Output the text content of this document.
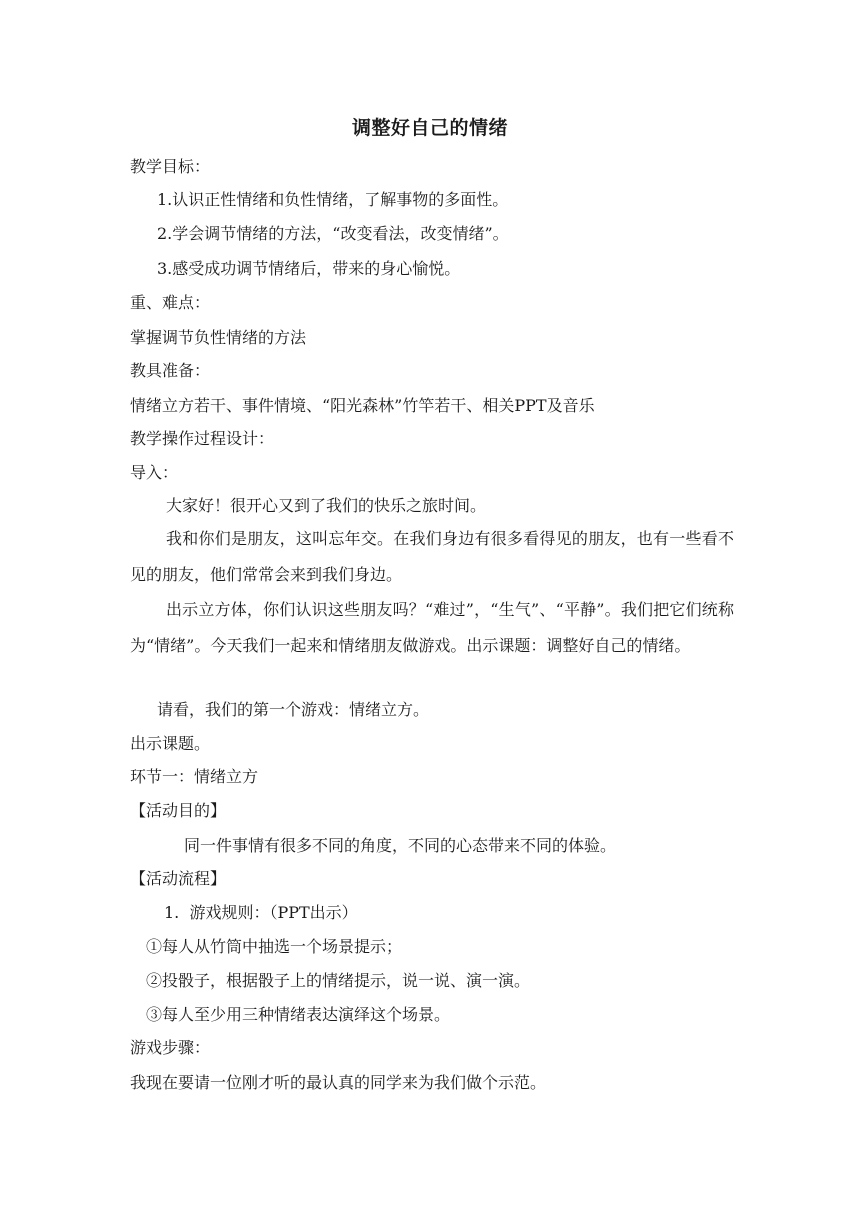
调整好自己的情绪
教学目标：
1.认识正性情绪和负性情绪，了解事物的多面性。
2.学会调节情绪的方法，“改变看法，改变情绪”。
3.感受成功调节情绪后，带来的身心愉悦。
重、难点：
掌握调节负性情绪的方法
教具准备：
情绪立方若干、事件情境、“阳光森林”竹竿若干、相关PPT及音乐
教学操作过程设计：
导入：
大家好！很开心又到了我们的快乐之旅时间。
我和你们是朋友，这叫忘年交。在我们身边有很多看得见的朋友，也有一些看不见的朋友，他们常常会来到我们身边。
出示立方体，你们认识这些朋友吗？“难过”，“生气”、“平静”。我们把它们统称为“情绪”。今天我们一起来和情绪朋友做游戏。出示课题：调整好自己的情绪。
请看，我们的第一个游戏：情绪立方。
出示课题。
环节一：情绪立方
【活动目的】
同一件事情有很多不同的角度，不同的心态带来不同的体验。
【活动流程】
1.  游戏规则：（PPT出示）
①每人从竹筒中抽选一个场景提示；
②投骰子，根据骰子上的情绪提示，说一说、演一演。
③每人至少用三种情绪表达演绎这个场景。
游戏步骤：
我现在要请一位刚才听的最认真的同学来为我们做个示范。
